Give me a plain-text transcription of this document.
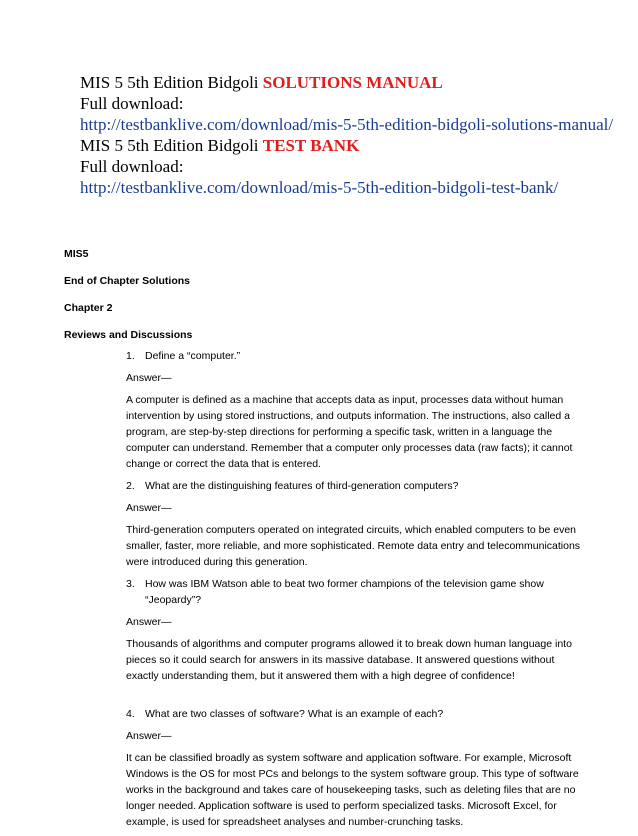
MIS 5 5th Edition Bidgoli SOLUTIONS MANUAL

Full download:

http://testbanklive.com/download/mis-5-5th-edition-bidgoli-solutions-manual/

MIS 5 5th Edition Bidgoli TEST BANK

Full download:

http://testbanklive.com/download/mis-5-5th-edition-bidgoli-test-bank/

MIS5

End of Chapter Solutions

Chapter 2

Reviews and Discussions

1. Define a “computer.”

Answer—

A computer is defined as a machine that accepts data as input, processes data without human intervention by using stored instructions, and outputs information. The instructions, also called a program, are step-by-step directions for performing a specific task, written in a language the computer can understand. Remember that a computer only processes data (raw facts); it cannot change or correct the data that is entered.

2. What are the distinguishing features of third-generation computers?

Answer—

Third-generation computers operated on integrated circuits, which enabled computers to be even smaller, faster, more reliable, and more sophisticated. Remote data entry and telecommunications were introduced during this generation.

3. How was IBM Watson able to beat two former champions of the television game show “Jeopardy”?

Answer—

Thousands of algorithms and computer programs allowed it to break down human language into pieces so it could search for answers in its massive database. It answered questions without exactly understanding them, but it answered them with a high degree of confidence!

4. What are two classes of software? What is an example of each?

Answer—

It can be classified broadly as system software and application software. For example, Microsoft Windows is the OS for most PCs and belongs to the system software group. This type of software works in the background and takes care of housekeeping tasks, such as deleting files that are no longer needed. Application software is used to perform specialized tasks. Microsoft Excel, for example, is used for spreadsheet analyses and number-crunching tasks.
